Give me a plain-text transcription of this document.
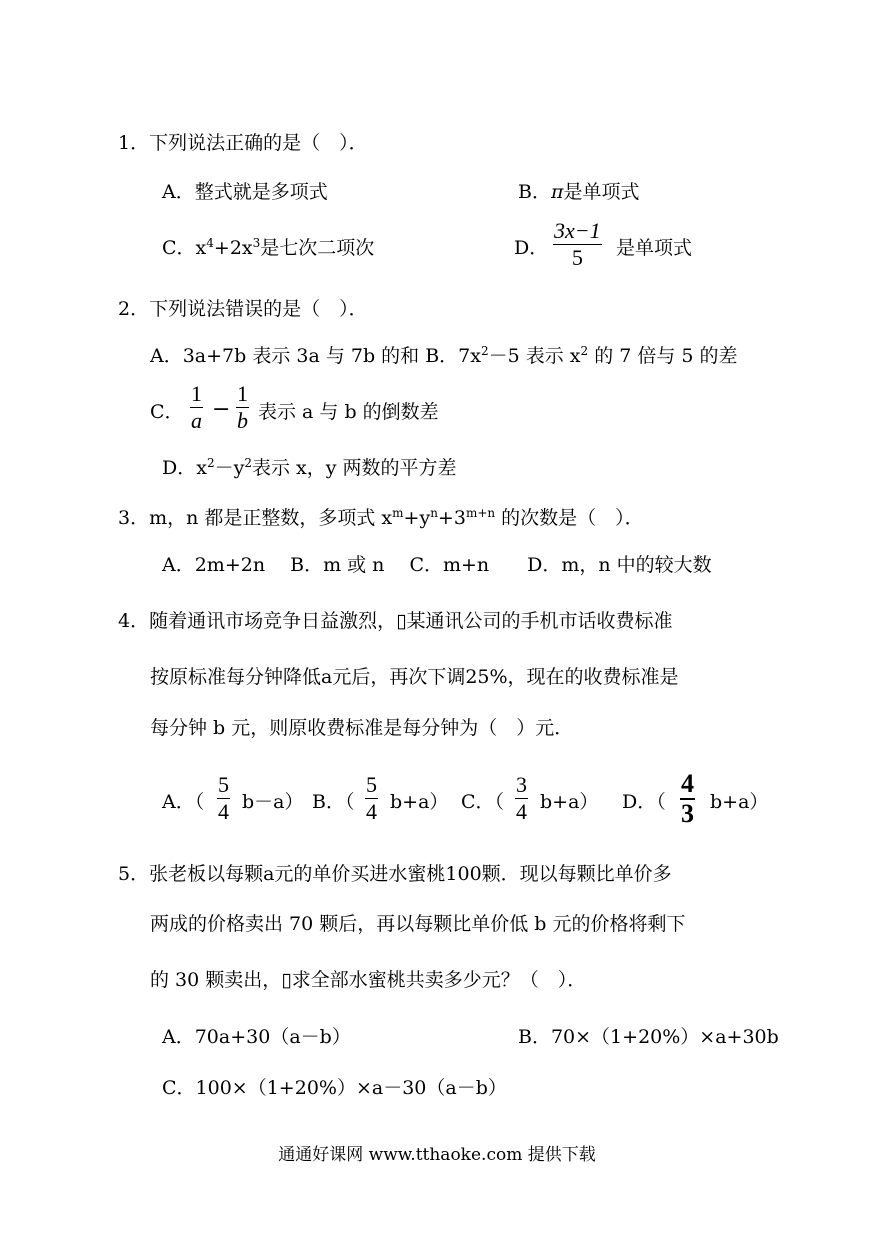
1．下列说法正确的是（　）．
A．整式就是多项式	B．π是单项式
C．$x^4+2x^3$是七次二项次	D．
3x−1
5 是单项式
2．下列说法错误的是（　）．
A．3a+7b 表示 3a 与 7b 的和 B．$7x^2-5$ 表示 $x^2$ 的 7 倍与 5 的差
C．
1
a −
1
b 表示 a 与 b 的倒数差
D．$x^2-y^2$表示 x，y 两数的平方差
3．m，n 都是正整数，多项式 $x^m+y^n+3^{m+n}$ 的次数是（　）．
A．2m+2n　 B．m 或 n　 C．m+n　　D．m，n 中的较大数
4．随着通讯市场竞争日益激烈，▯某通讯公司的手机市话收费标准
按原标准每分钟降低a元后，再次下调25%，现在的收费标准是
每分钟 b 元，则原收费标准是每分钟为（　）元．
A．（
5
4 b－a） B．（
5
4 b+a） C．（
3
4 b+a） D．（
4
3 b+a）
5．张老板以每颗a元的单价买进水蜜桃100颗．现以每颗比单价多
两成的价格卖出 70 颗后，再以每颗比单价低 b 元的价格将剩下
的 30 颗卖出，▯求全部水蜜桃共卖多少元？（　）．
A．70a+30（a－b）	B．70×（1+20%）×a+30b
C．100×（1+20%）×a－30（a－b）
通通好课网 www.tthaoke.com 提供下载
